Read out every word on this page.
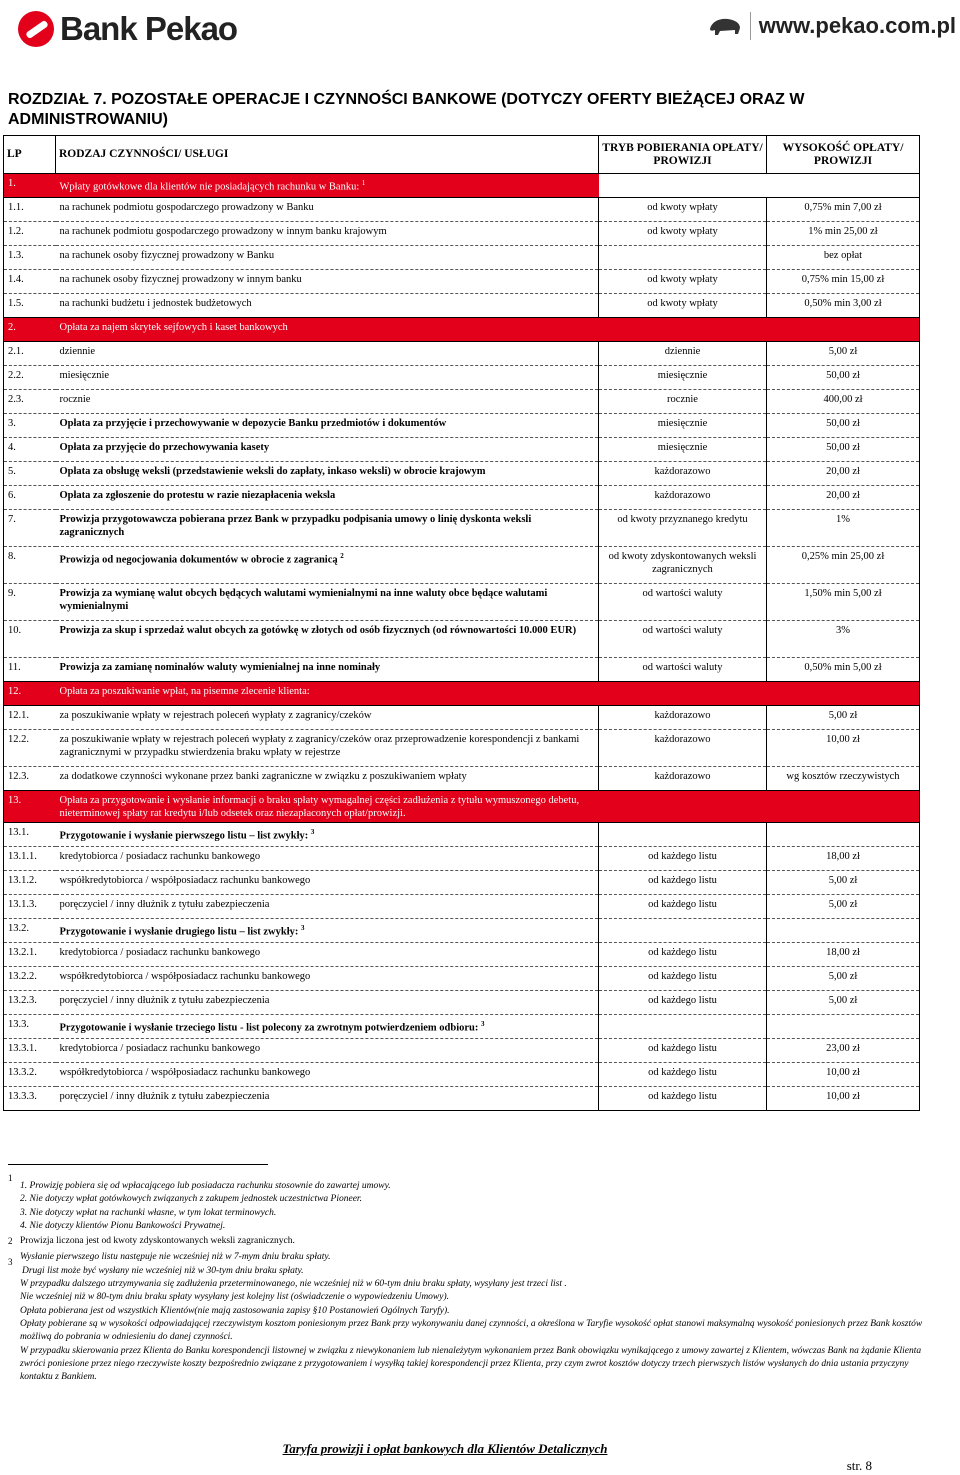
Bank Pekao	www.pekao.com.pl
ROZDZIAŁ 7. POZOSTAŁE OPERACJE I CZYNNOŚCI BANKOWE (DOTYCZY OFERTY BIEŻĄCEJ ORAZ W ADMINISTROWANIU)
LP	RODZAJ CZYNNOŚCI/ USŁUGI	TRYB POBIERANIA OPŁATY/ PROWIZJI	WYSOKOŚĆ OPŁATY/ PROWIZJI
1.	Wpłaty gotówkowe dla klientów nie posiadających rachunku w Banku: $^1$		
1.1.	na rachunek podmiotu gospodarczego prowadzony w Banku	od kwoty wpłaty	0,75% min 7,00 zł
1.2.	na rachunek podmiotu gospodarczego prowadzony w innym banku krajowym	od kwoty wpłaty	1% min 25,00 zł
1.3.	na rachunek osoby fizycznej prowadzony w Banku		bez opłat
1.4.	na rachunek osoby fizycznej prowadzony w innym banku	od kwoty wpłaty	0,75% min 15,00 zł
1.5.	na rachunki budżetu i jednostek budżetowych	od kwoty wpłaty	0,50% min 3,00 zł
2.	Opłata za najem skrytek sejfowych i kaset bankowych		
2.1.	dziennie	dziennie	5,00 zł
2.2.	miesięcznie	miesięcznie	50,00 zł
2.3.	rocznie	rocznie	400,00 zł
3.	Opłata za przyjęcie i przechowywanie w depozycie Banku przedmiotów i dokumentów	miesięcznie	50,00 zł
4.	Opłata za przyjęcie do przechowywania kasety	miesięcznie	50,00 zł
5.	Opłata za obsługę weksli (przedstawienie weksli do zapłaty, inkaso weksli) w obrocie krajowym	każdorazowo	20,00 zł
6.	Opłata za zgłoszenie do protestu w razie niezapłacenia weksla	każdorazowo	20,00 zł
7.	Prowizja przygotowawcza pobierana przez Bank w przypadku podpisania umowy o linię dyskonta weksli zagranicznych	od kwoty przyznanego kredytu	1%
8.	Prowizja od negocjowania dokumentów w obrocie z zagranicą $^2$	od kwoty zdyskontowanych weksli zagranicznych	0,25% min 25,00 zł
9.	Prowizja za wymianę walut obcych będących walutami wymienialnymi na inne waluty obce będące walutami wymienialnymi	od wartości waluty	1,50% min 5,00 zł
10.	Prowizja za skup i sprzedaż walut obcych za gotówkę w złotych od osób fizycznych (od równowartości 10.000 EUR)	od wartości waluty	3%
11.	Prowizja za zamianę nominałów waluty wymienialnej na inne nominały	od wartości waluty	0,50% min 5,00 zł
12.	Opłata za poszukiwanie wpłat, na pisemne zlecenie klienta:		
12.1.	za poszukiwanie wpłaty w rejestrach poleceń wypłaty z zagranicy/czeków	każdorazowo	5,00 zł
12.2.	za poszukiwanie wpłaty w rejestrach poleceń wypłaty z zagranicy/czeków oraz przeprowadzenie korespondencji z bankami zagranicznymi w przypadku stwierdzenia braku wpłaty w rejestrze	każdorazowo	10,00 zł
12.3.	za dodatkowe czynności wykonane przez banki zagraniczne w związku z poszukiwaniem wpłaty	każdorazowo	wg kosztów rzeczywistych
13.	Opłata za przygotowanie i wysłanie informacji o braku spłaty wymagalnej części zadłużenia z tytułu wymuszonego debetu, nieterminowej spłaty rat kredytu i/lub odsetek oraz niezapłaconych opłat/prowizji.		
13.1.	Przygotowanie i wysłanie pierwszego listu – list zwykły: $^3$		
13.1.1.	kredytobiorca / posiadacz rachunku bankowego	od każdego listu	18,00 zł
13.1.2.	współkredytobiorca / współposiadacz rachunku bankowego	od każdego listu	5,00 zł
13.1.3.	poręczyciel / inny dłużnik z tytułu zabezpieczenia	od każdego listu	5,00 zł
13.2.	Przygotowanie i wysłanie drugiego listu – list zwykły: $^3$		
13.2.1.	kredytobiorca / posiadacz rachunku bankowego	od każdego listu	18,00 zł
13.2.2.	współkredytobiorca / współposiadacz rachunku bankowego	od każdego listu	5,00 zł
13.2.3.	poręczyciel / inny dłużnik z tytułu zabezpieczenia	od każdego listu	5,00 zł
13.3.	Przygotowanie i wysłanie trzeciego listu - list polecony za zwrotnym potwierdzeniem odbioru: $^3$		
13.3.1.	kredytobiorca / posiadacz rachunku bankowego	od każdego listu	23,00 zł
13.3.2.	współkredytobiorca / współposiadacz rachunku bankowego	od każdego listu	10,00 zł
13.3.3.	poręczyciel / inny dłużnik z tytułu zabezpieczenia	od każdego listu	10,00 zł
1
1. Prowizję pobiera się od wpłacającego lub posiadacza rachunku stosownie do zawartej umowy.
2. Nie dotyczy wpłat gotówkowych związanych z zakupem jednostek uczestnictwa Pioneer.
3. Nie dotyczy wpłat na rachunki własne, w tym lokat terminowych.
4. Nie dotyczy klientów Pionu Bankowości Prywatnej.
2 Prowizja liczona jest od kwoty zdyskontowanych weksli zagranicznych.
3 Wysłanie pierwszego listu następuje nie wcześniej niż w 7-mym dniu braku spłaty.
Drugi list może być wysłany nie wcześniej niż w 30-tym dniu braku spłaty.
W przypadku dalszego utrzymywania się zadłużenia przeterminowanego, nie wcześniej niż w 60-tym dniu braku spłaty, wysyłany jest trzeci list .
Nie wcześniej niż w 80-tym dniu braku spłaty wysyłany jest kolejny list (oświadczenie o wypowiedzeniu Umowy).
Opłata pobierana jest od wszystkich Klientów(nie mają zastosowania zapisy §10 Postanowień Ogólnych Taryfy).
Opłaty pobierane są w wysokości odpowiadającej rzeczywistym kosztom poniesionym przez Bank przy wykonywaniu danej czynności, a określona w Taryfie wysokość opłat stanowi maksymalną wysokość poniesionych przez Bank kosztów możliwą do pobrania w odniesieniu do danej czynności.
W przypadku skierowania przez Klienta do Banku korespondencji listownej w związku z niewykonaniem lub nienależytym wykonaniem przez Bank obowiązku wynikającego z umowy zawartej z Klientem, wówczas Bank na żądanie Klienta zwróci poniesione przez niego rzeczywiste koszty bezpośrednio związane z przygotowaniem i wysyłką takiej korespondencji przez Klienta, przy czym zwrot kosztów dotyczy trzech pierwszych listów wysłanych do dnia ustania przyczyny kontaktu z Bankiem.
Taryfa prowizji i opłat bankowych dla Klientów Detalicznych
str. 8
